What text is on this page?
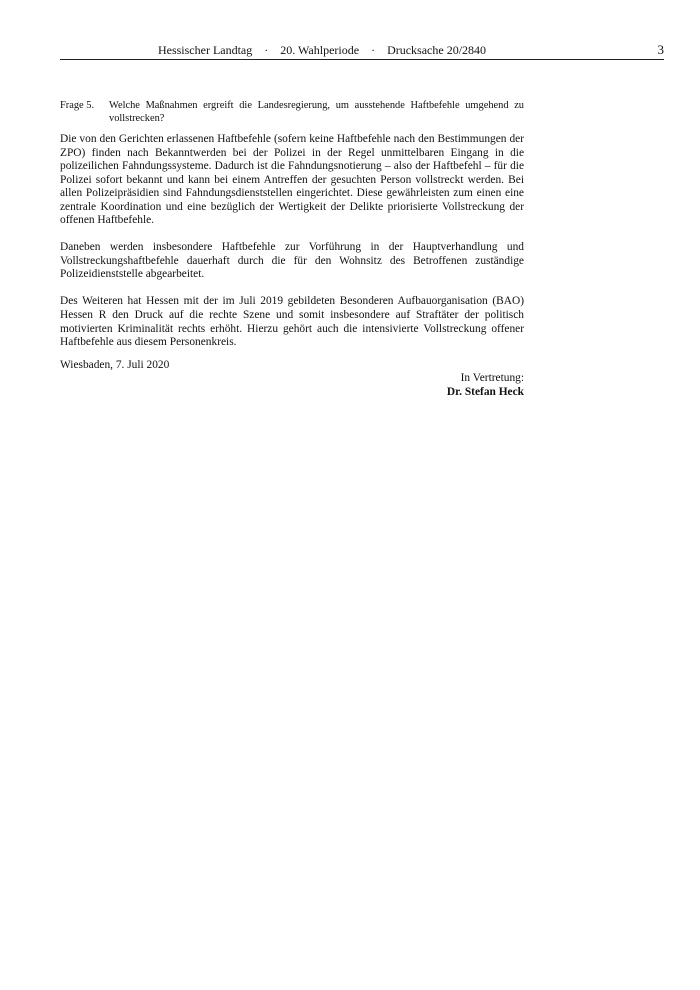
Hessischer Landtag · 20. Wahlperiode · Drucksache 20/2840	3
Frage 5.	Welche Maßnahmen ergreift die Landesregierung, um ausstehende Haftbefehle umgehend zu vollstrecken?

Die von den Gerichten erlassenen Haftbefehle (sofern keine Haftbefehle nach den Bestimmungen der ZPO) finden nach Bekanntwerden bei der Polizei in der Regel unmittelbaren Eingang in die polizeilichen Fahndungssysteme. Dadurch ist die Fahndungsnotierung – also der Haftbefehl – für die Polizei sofort bekannt und kann bei einem Antreffen der gesuchten Person vollstreckt werden. Bei allen Polizeipräsidien sind Fahndungsdienststellen eingerichtet. Diese gewährleisten zum einen eine zentrale Koordination und eine bezüglich der Wertigkeit der Delikte priorisierte Vollstreckung der offenen Haftbefehle.

Daneben werden insbesondere Haftbefehle zur Vorführung in der Hauptverhandlung und Vollstreckungshaftbefehle dauerhaft durch die für den Wohnsitz des Betroffenen zuständige Polizeidienststelle abgearbeitet.

Des Weiteren hat Hessen mit der im Juli 2019 gebildeten Besonderen Aufbauorganisation (BAO) Hessen R den Druck auf die rechte Szene und somit insbesondere auf Straftäter der politisch motivierten Kriminalität rechts erhöht. Hierzu gehört auch die intensivierte Vollstreckung offener Haftbefehle aus diesem Personenkreis.

Wiesbaden, 7. Juli 2020
In Vertretung:
Dr. Stefan Heck
